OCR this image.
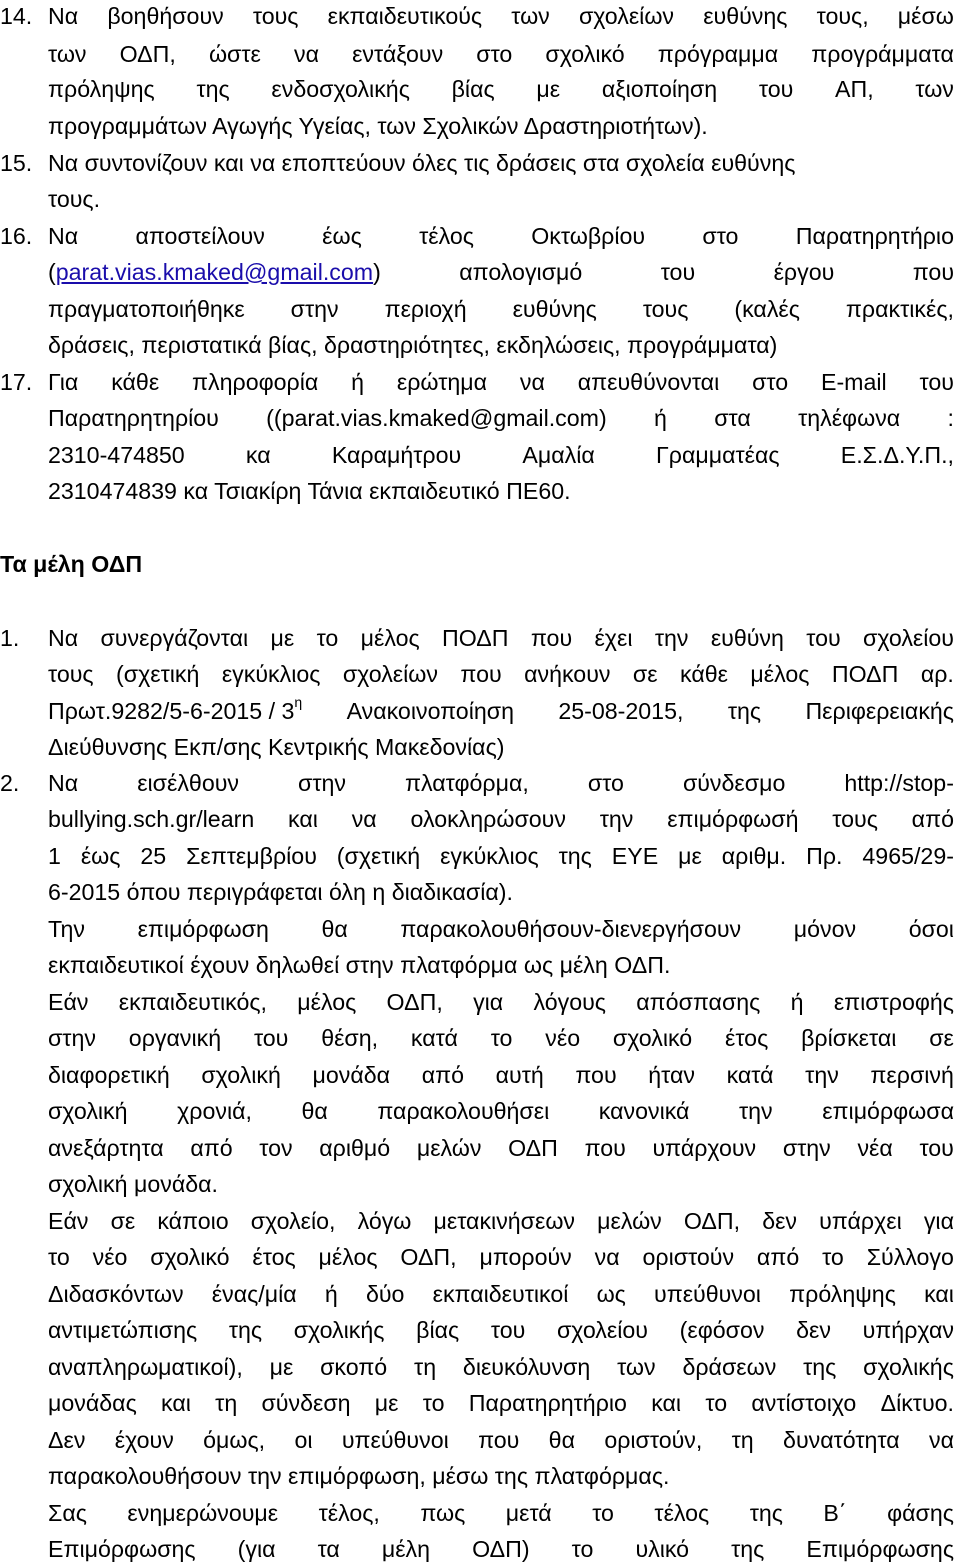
14. Να βοηθήσουν τους εκπαιδευτικούς των σχολείων ευθύνης τους, μέσω
των ΟΔΠ, ώστε να εντάξουν στο σχολικό πρόγραμμα προγράμματα
πρόληψης της ενδοσχολικής βίας με αξιοποίηση του ΑΠ, των
προγραμμάτων Αγωγής Υγείας, των Σχολικών Δραστηριοτήτων).
15. Να συντονίζουν και να εποπτεύουν όλες τις δράσεις στα σχολεία ευθύνης
τους.
16. Να αποστείλουν έως τέλος Οκτωβρίου στο Παρατηρητήριο
(parat.vias.kmaked@gmail.com)	απολογισμό	του	έργου	που
πραγματοποιήθηκε στην περιοχή ευθύνης τους (καλές πρακτικές,
δράσεις, περιστατικά βίας, δραστηριότητες, εκδηλώσεις, προγράμματα)
17. Για κάθε πληροφορία ή ερώτημα να απευθύνονται στο E-mail του
Παρατηρητηρίου ((parat.vias.kmaked@gmail.com) ή στα τηλέφωνα :
2310-474850	κα	Καραμήτρου	Αμαλία	Γραμματέας	Ε.Σ.Δ.Υ.Π.,
2310474839 κα Τσιακίρη Τάνια εκπαιδευτικό ΠΕ60.
Τα μέλη ΟΔΠ
1. Να συνεργάζονται με το μέλος ΠΟΔΠ που έχει την ευθύνη του σχολείου
τους (σχετική εγκύκλιος σχολείων που ανήκουν σε κάθε μέλος ΠΟΔΠ αρ.
$\Pi\rho\omega\tau.9282/5-6-2015 / 3^\eta$ Ανακοινοποίηση 25-08-2015, της Περιφερειακής
Διεύθυνσης Εκπ/σης Κεντρικής Μακεδονίας)
2. Να	εισέλθουν	στην	πλατφόρμα,	στο	σύνδεσμο	http://stop-
bullying.sch.gr/learn και να ολοκληρώσουν την επιμόρφωσή τους από
1 έως 25 Σεπτεμβρίου (σχετική εγκύκλιος της ΕΥΕ με αριθμ. Πρ. 4965/29-
6-2015 όπου περιγράφεται όλη η διαδικασία).
Την επιμόρφωση θα παρακολουθήσουν-διενεργήσουν μόνον όσοι
εκπαιδευτικοί έχουν δηλωθεί στην πλατφόρμα ως μέλη ΟΔΠ.
Εάν εκπαιδευτικός, μέλος ΟΔΠ, για λόγους απόσπασης ή επιστροφής
στην οργανική του θέση, κατά το νέο σχολικό έτος βρίσκεται σε
διαφορετική σχολική μονάδα από αυτή που ήταν κατά την περσινή
σχολική χρονιά, θα παρακολουθήσει κανονικά την επιμόρφωσα
ανεξάρτητα από τον αριθμό μελών ΟΔΠ που υπάρχουν στην νέα του
σχολική μονάδα.
Εάν σε κάποιο σχολείο, λόγω μετακινήσεων μελών ΟΔΠ, δεν υπάρχει για
το νέο σχολικό έτος μέλος ΟΔΠ, μπορούν να οριστούν από το Σύλλογο
Διδασκόντων ένας/μία ή δύο εκπαιδευτικοί ως υπεύθυνοι πρόληψης και
αντιμετώπισης της σχολικής βίας του σχολείου (εφόσον δεν υπήρχαν
αναπληρωματικοί), με σκοπό τη διευκόλυνση των δράσεων της σχολικής
μονάδας και τη σύνδεση με το Παρατηρητήριο και το αντίστοιχο Δίκτυο.
Δεν έχουν όμως, οι υπεύθυνοι που θα οριστούν, τη δυνατότητα να
παρακολουθήσουν την επιμόρφωση, μέσω της πλατφόρμας.
Σας ενημερώνουμε τέλος, πως μετά το τέλος της Β΄ φάσης
Επιμόρφωσης (για τα μέλη ΟΔΠ) το υλικό της Επιμόρφωσης
